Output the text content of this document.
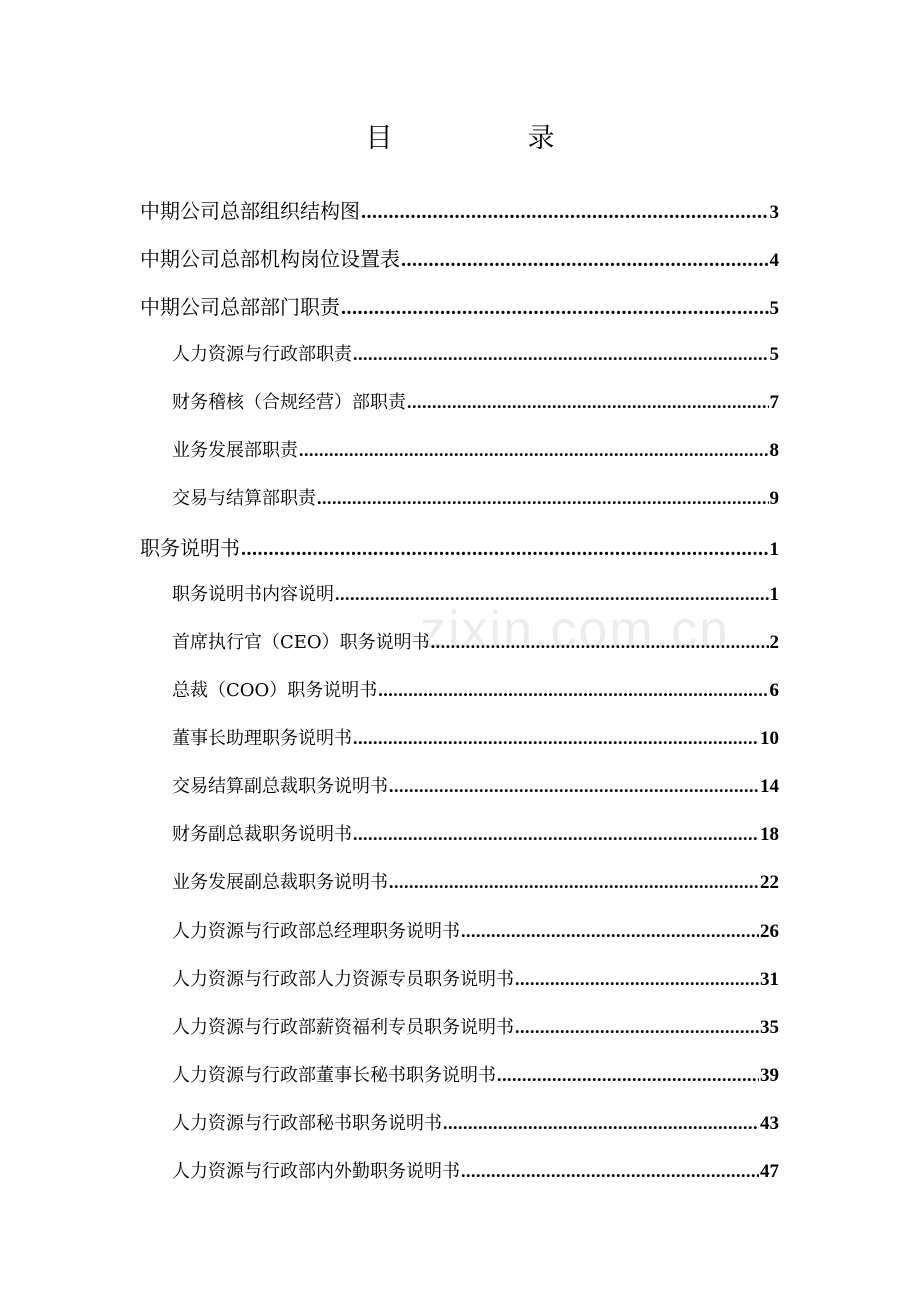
zixin.com.cn
目　录
中期公司总部组织结构图 .....	3
中期公司总部机构岗位设置表 .....	4
中期公司总部部门职责 .....	5
人力资源与行政部职责 .....	5
财务稽核（合规经营）部职责 .....	7
业务发展部职责 .....	8
交易与结算部职责 .....	9
职务说明书 .....	1
职务说明书内容说明 .....	1
首席执行官（CEO）职务说明书 .....	2
总裁（COO）职务说明书 .....	6
董事长助理职务说明书 .....	10
交易结算副总裁职务说明书 .....	14
财务副总裁职务说明书 .....	18
业务发展副总裁职务说明书 .....	22
人力资源与行政部总经理职务说明书 .....	26
人力资源与行政部人力资源专员职务说明书 .....	31
人力资源与行政部薪资福利专员职务说明书 .....	35
人力资源与行政部董事长秘书职务说明书 .....	39
人力资源与行政部秘书职务说明书 .....	43
人力资源与行政部内外勤职务说明书 .....	47
